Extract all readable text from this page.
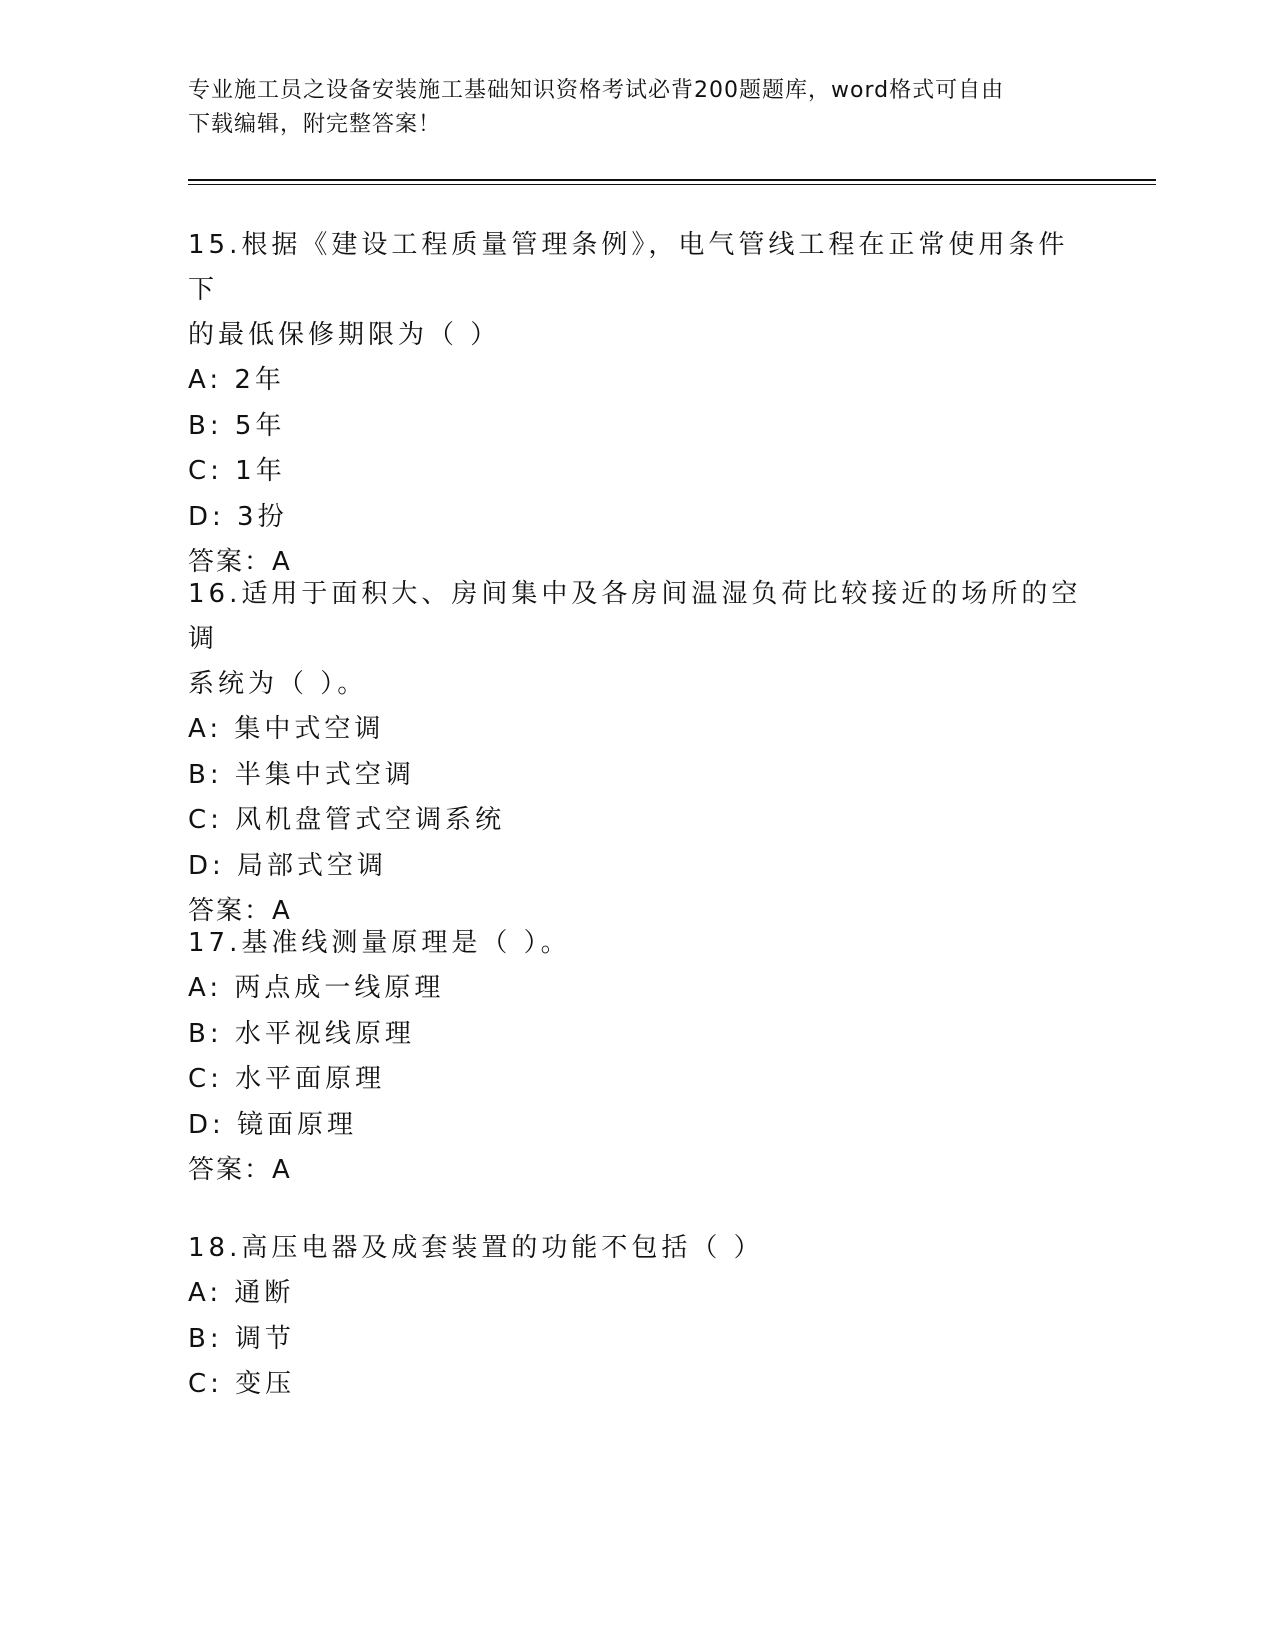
专业施工员之设备安装施工基础知识资格考试必背200题题库，word格式可自由
下载编辑，附完整答案！

15.根据《建设工程质量管理条例》，电气管线工程在正常使用条件下

的最低保修期限为（ ）

A: 2年

B: 5年

C: 1年

D: 3扮

答案：A

16.适用于面积大、房间集中及各房间温湿负荷比较接近的场所的空调

系统为（ ）。

A: 集中式空调

B: 半集中式空调

C: 风机盘管式空调系统

D: 局部式空调

答案：A

17.基准线测量原理是（ ）。

A: 两点成一线原理

B: 水平视线原理

C: 水平面原理

D: 镜面原理

答案：A

18.高压电器及成套装置的功能不包括（ ）

A: 通断

B: 调节

C: 变压
